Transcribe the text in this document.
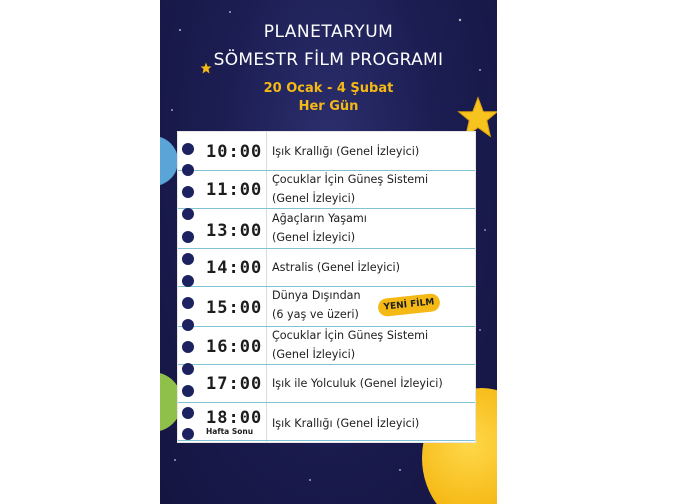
PLANETARYUM
SÖMESTR FİLM PROGRAMI
20 Ocak - 4 Şubat
Her Gün
10:00 Işık Krallığı (Genel İzleyici)
11:00
Çocuklar İçin Güneş Sistemi
(Genel İzleyici)
13:00
Ağaçların Yaşamı
(Genel İzleyici)
14:00 Astralis (Genel İzleyici)
15:00
Dünya Dışından
(6 yaş ve üzeri)
16:00
Çocuklar İçin Güneş Sistemi
(Genel İzleyici)
17:00 Işık ile Yolculuk (Genel İzleyici)
18:00 Işık Krallığı (Genel İzleyici)
Hafta Sonu
YENİ FİLM
